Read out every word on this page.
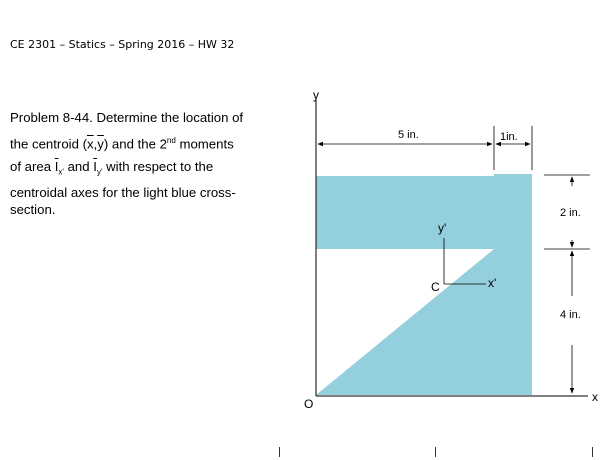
CE 2301 – Statics – Spring 2016 – HW 32
Problem 8-44. Determine the location of
the centroid $(\overline{x},\overline{y})$ and the 2nd moments
of area $\overline{I}_{x'}$ and $\overline{I}_{y'}$ with respect to the
centroidal axes for the light blue cross-
section.
y
x
O
5 in.	1in.
2 in.
4 in.
y'
x'
C
